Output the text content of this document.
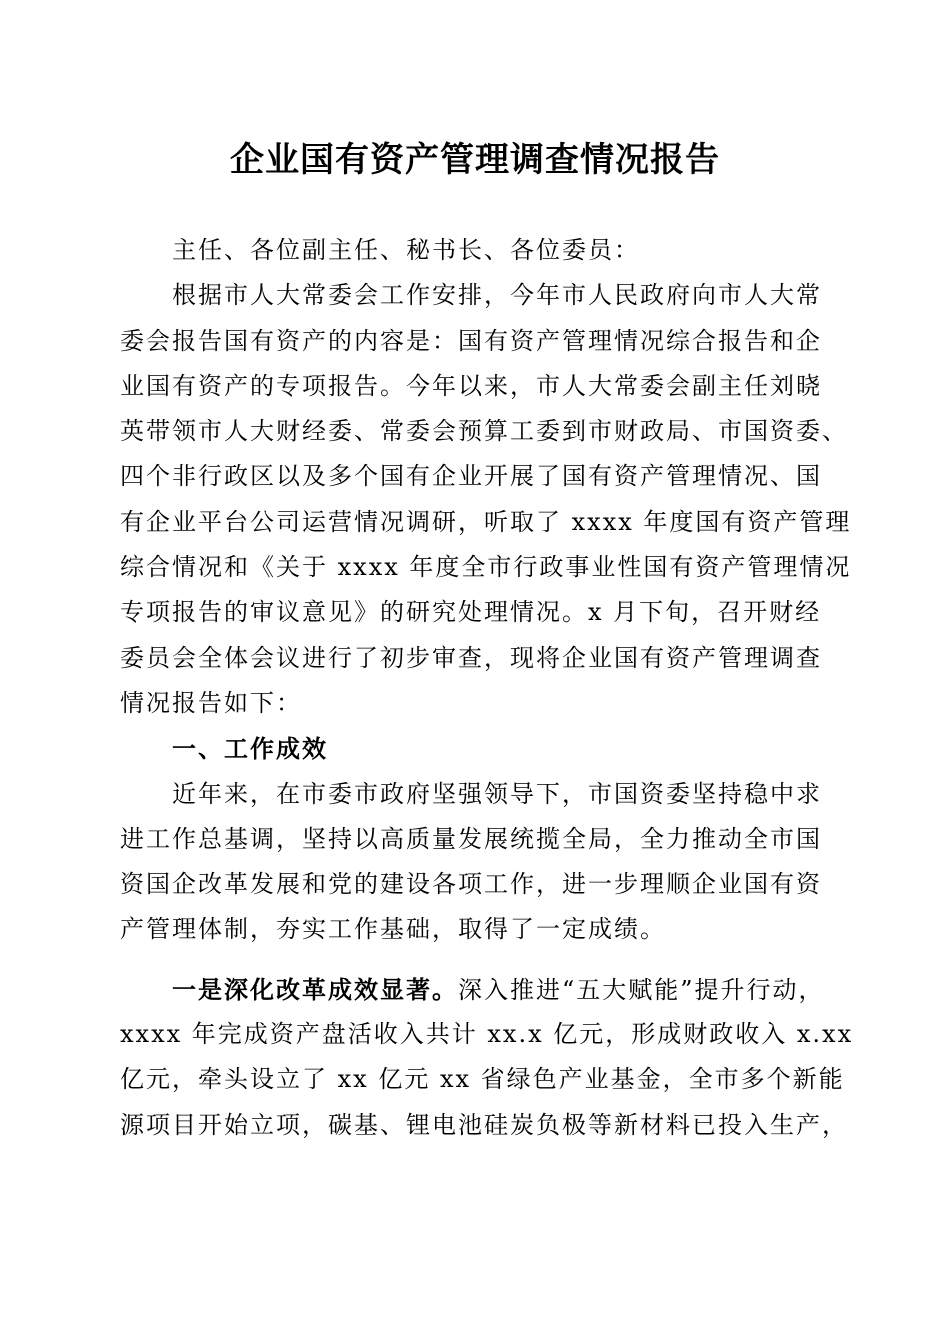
企业国有资产管理调查情况报告
主任、各位副主任、秘书长、各位委员：
根据市人大常委会工作安排，今年市人民政府向市人大常
委会报告国有资产的内容是：国有资产管理情况综合报告和企
业国有资产的专项报告。今年以来，市人大常委会副主任刘晓
英带领市人大财经委、常委会预算工委到市财政局、市国资委、
四个非行政区以及多个国有企业开展了国有资产管理情况、国
有企业平台公司运营情况调研，听取了 xxxx 年度国有资产管理
综合情况和《关于 xxxx 年度全市行政事业性国有资产管理情况
专项报告的审议意见》的研究处理情况。x 月下旬，召开财经
委员会全体会议进行了初步审查，现将企业国有资产管理调查
情况报告如下：
一、工作成效
近年来，在市委市政府坚强领导下，市国资委坚持稳中求
进工作总基调，坚持以高质量发展统揽全局，全力推动全市国
资国企改革发展和党的建设各项工作，进一步理顺企业国有资
产管理体制，夯实工作基础，取得了一定成绩。
一是深化改革成效显著。深入推进“五大赋能”提升行动，
xxxx 年完成资产盘活收入共计 xx.x 亿元，形成财政收入 x.xx
亿元，牵头设立了 xx 亿元 xx 省绿色产业基金，全市多个新能
源项目开始立项，碳基、锂电池硅炭负极等新材料已投入生产，
